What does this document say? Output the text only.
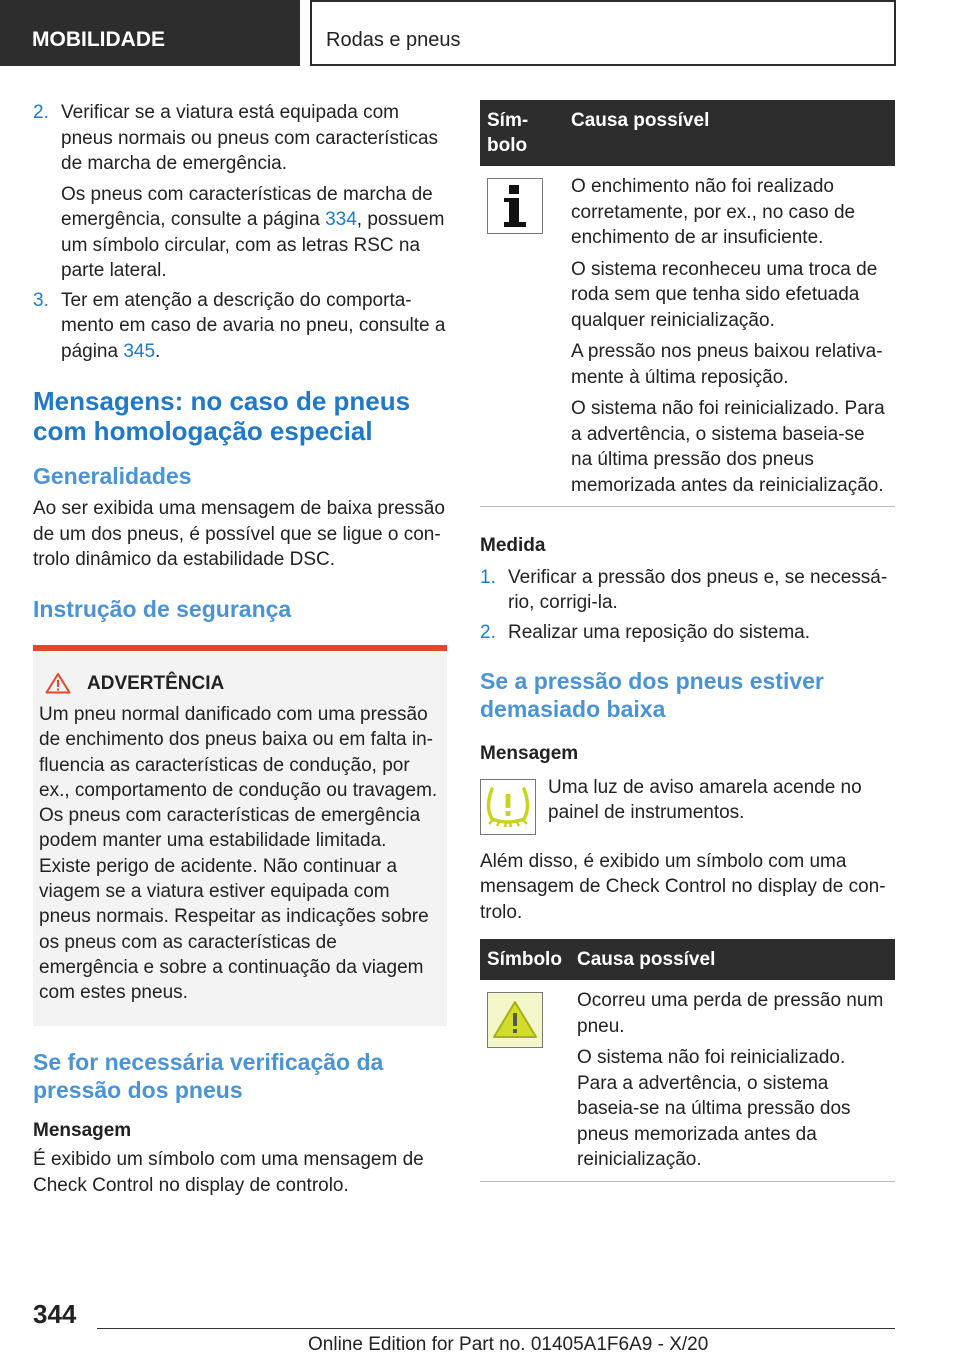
MOBILIDADE	Rodas e pneus
2. Verificar se a viatura está equipada com pneus normais ou pneus com características de marcha de emergência.

Os pneus com características de marcha de emergência, consulte a página 334, possuem um símbolo circular, com as letras RSC na parte lateral.

3. Ter em atenção a descrição do comportamento em caso de avaria no pneu, consulte a página 345.

Mensagens: no caso de pneus com homologação especial
Generalidades

Ao ser exibida uma mensagem de baixa pressão de um dos pneus, é possível que se ligue o controlo dinâmico da estabilidade DSC.

Instrução de segurança
ADVERTÊNCIA

Um pneu normal danificado com uma pressão de enchimento dos pneus baixa ou em falta influencia as características de condução, por ex., comportamento de condução ou travagem. Os pneus com características de emergência podem manter uma estabilidade limitada. Existe perigo de acidente. Não continuar a viagem se a viatura estiver equipada com pneus normais. Respeitar as indicações sobre os pneus com as características de emergência e sobre a continuação da viagem com estes pneus.

Se for necessária verificação da pressão dos pneus

Mensagem

É exibido um símbolo com uma mensagem de Check Control no display de controlo.

Símbolo	Causa possível

O enchimento não foi realizado corretamente, por ex., no caso de enchimento de ar insuficiente.

O sistema reconheceu uma troca de roda sem que tenha sido efetuada qualquer reinicialização.

A pressão nos pneus baixou relativamente à última reposição.

O sistema não foi reinicializado. Para a advertência, o sistema baseia-se na última pressão dos pneus memorizada antes da reinicialização.

Medida

1. Verificar a pressão dos pneus e, se necessário, corrigi-la.

2. Realizar uma reposição do sistema.

Se a pressão dos pneus estiver demasiado baixa

Mensagem

Uma luz de aviso amarela acende no painel de instrumentos.

Além disso, é exibido um símbolo com uma mensagem de Check Control no display de controlo.

Símbolo	Causa possível

Ocorreu uma perda de pressão num pneu.

O sistema não foi reinicializado. Para a advertência, o sistema baseia-se na última pressão dos pneus memorizada antes da reinicialização.

344
Online Edition for Part no. 01405A1F6A9 - X/20
